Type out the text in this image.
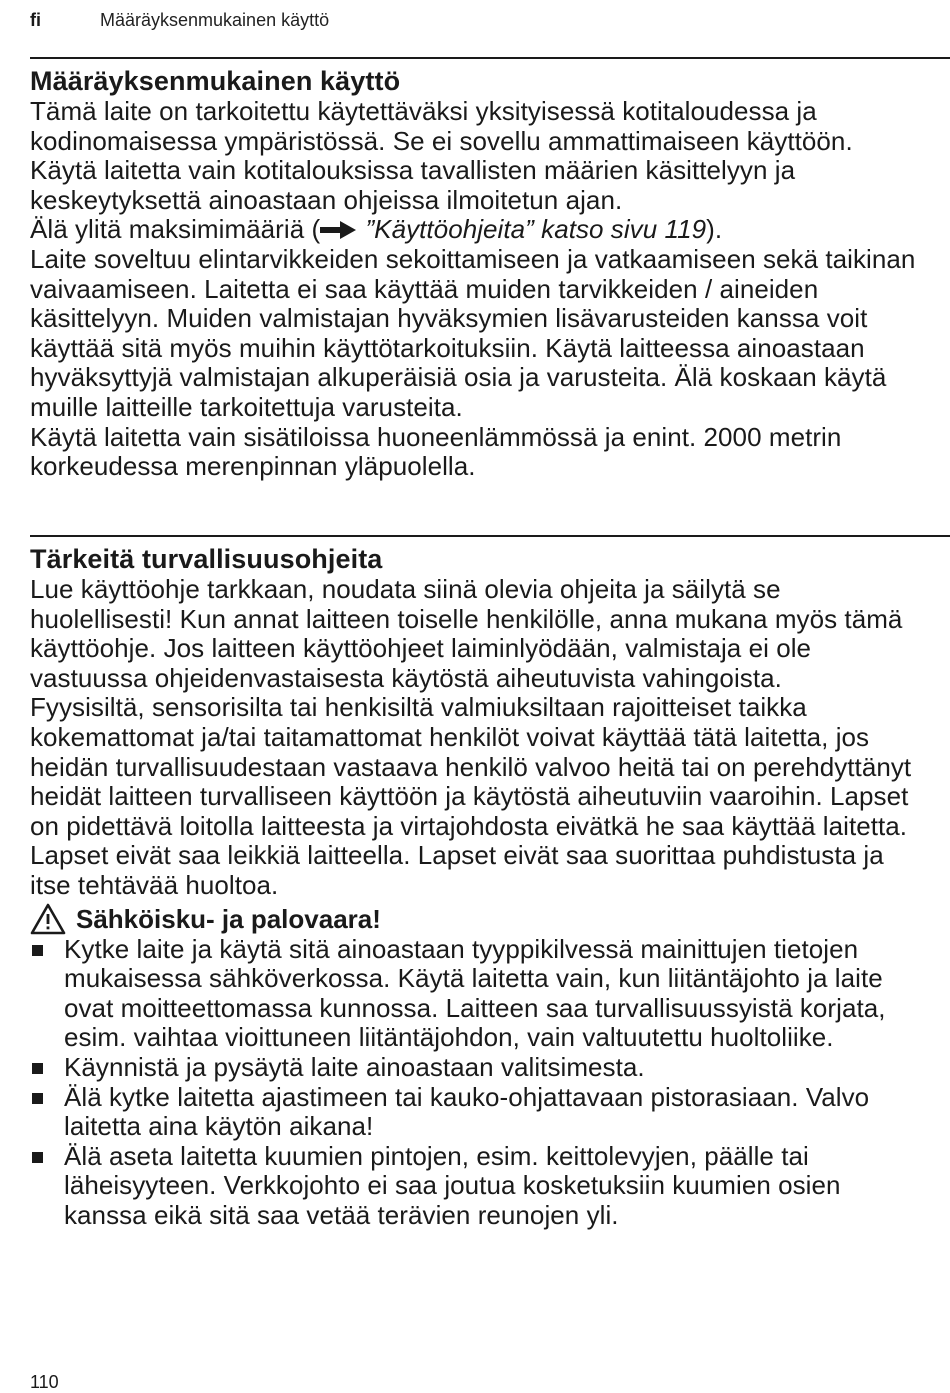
fi	Määräyksenmukainen käyttö
Määräyksenmukainen käyttö

Tämä laite on tarkoitettu käytettäväksi yksityisessä kotitaloudessa ja kodinomaisessa ympäristössä. Se ei sovellu ammattimaiseen käyttöön. Käytä laitetta vain kotitalouksissa tavallisten määrien käsittelyyn ja keskeytyksettä ainoastaan ohjeissa ilmoitetun ajan.

Älä ylitä maksimimääriä ( ”Käyttöohjeita” katso sivu 119).

Laite soveltuu elintarvikkeiden sekoittamiseen ja vatkaamiseen sekä taikinan vaivaamiseen. Laitetta ei saa käyttää muiden tarvikkeiden / aineiden käsittelyyn. Muiden valmistajan hyväksymien lisävarusteiden kanssa voit käyttää sitä myös muihin käyttötarkoituksiin. Käytä laitteessa ainoastaan hyväksyttyjä valmistajan alkuperäisiä osia ja varusteita. Älä koskaan käytä muille laitteille tarkoitettuja varusteita.

Käytä laitetta vain sisätiloissa huoneenlämmössä ja enint. 2000 metrin korkeudessa merenpinnan yläpuolella.

Tärkeitä turvallisuusohjeita

Lue käyttöohje tarkkaan, noudata siinä olevia ohjeita ja säilytä se huolellisesti! Kun annat laitteen toiselle henkilölle, anna mukana myös tämä käyttöohje. Jos laitteen käyttöohjeet laiminlyödään, valmistaja ei ole vastuussa ohjeidenvastaisesta käytöstä aiheutuvista vahingoista.

Fyysisiltä, sensorisilta tai henkisiltä valmiuksiltaan rajoitteiset taikka kokemattomat ja/tai taitamattomat henkilöt voivat käyttää tätä laitetta, jos heidän turvallisuudestaan vastaava henkilö valvoo heitä tai on perehdyttänyt heidät laitteen turvalliseen käyttöön ja käytöstä aiheutuviin vaaroihin. Lapset on pidettävä loitolla laitteesta ja virtajohdosta eivätkä he saa käyttää laitetta. Lapset eivät saa leikkiä laitteella. Lapset eivät saa suorittaa puhdistusta ja itse tehtävää huoltoa.

Sähköisku- ja palovaara!
Kytke laite ja käytä sitä ainoastaan tyyppikilvessä mainittujen tietojen mukaisessa sähköverkossa. Käytä laitetta vain, kun liitäntäjohto ja laite ovat moitteettomassa kunnossa. Laitteen saa turvallisuussyistä korjata, esim. vaihtaa vioittuneen liitäntäjohdon, vain valtuutettu huoltoliike.
Käynnistä ja pysäytä laite ainoastaan valitsimesta.
Älä kytke laitetta ajastimeen tai kauko-ohjattavaan pistorasiaan. Valvo laitetta aina käytön aikana!
Älä aseta laitetta kuumien pintojen, esim. keittolevyjen, päälle tai läheisyyteen. Verkkojohto ei saa joutua kosketuksiin kuumien osien kanssa eikä sitä saa vetää terävien reunojen yli.
110
